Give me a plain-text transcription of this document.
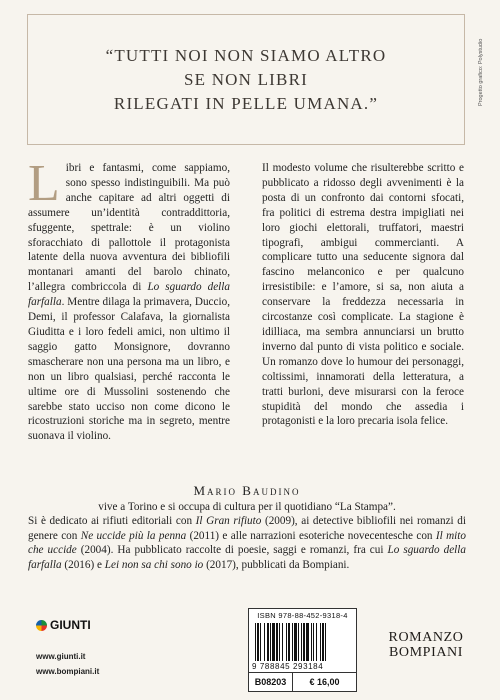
“TUTTI NOI NON SIAMO ALTRO
SE NON LIBRI
RILEGATI IN PELLE UMANA.”	Progetto grafico: Polystudio
Libri e fantasmi, come sappiamo, sono spesso indistinguibili. Ma può anche capitare ad altri oggetti di assumere un’identità contraddittoria, sfuggente, spettrale: è un violino sforacchiato di pallottole il protagonista latente della nuova avventura dei bibliofili montanari amanti del barolo chinato, l’allegra combriccola di Lo sguardo della farfalla. Mentre dilaga la primavera, Duccio, Demi, il professor Calafava, la giornalista Giuditta e i loro fedeli amici, non ultimo il saggio gatto Monsignore, dovranno smascherare non una persona ma un libro, e non un libro qualsiasi, perché racconta le ultime ore di Mussolini sostenendo che sarebbe stato ucciso non come dicono le ricostruzioni storiche ma in segreto, mentre suonava il violino.
Il modesto volume che risulterebbe scritto e pubblicato a ridosso degli avvenimenti è la posta di un confronto dai contorni sfocati, fra politici di estrema destra impigliati nei loro giochi elettorali, truffatori, maestri tipografi, ambigui commercianti. A complicare tutto una seducente signora dal fascino melanconico e per qualcuno irresistibile: e l’amore, si sa, non aiuta a conservare la freddezza necessaria in circostanze così complicate. La stagione è idilliaca, ma sembra annunciarsi un brutto inverno dal punto di vista politico e sociale. Un romanzo dove lo humour dei personaggi, coltissimi, innamorati della letteratura, a tratti burloni, deve misurarsi con la feroce stupidità del mondo che assedia i protagonisti e la loro precaria isola felice.
Mario Baudino
vive a Torino e si occupa di cultura per il quotidiano “La Stampa”.
Si è dedicato ai rifiuti editoriali con Il Gran rifiuto (2009), ai detective bibliofili nei romanzi di genere con Ne uccide più la penna (2011) e alle narrazioni esoteriche novecentesche con Il mito che uccide (2004). Ha pubblicato raccolte di poesie, saggi e romanzi, fra cui Lo sguardo della farfalla (2016) e Lei non sa chi sono io (2017), pubblicati da Bompiani.
GIUNTI
www.giunti.it
www.bompiani.it
ISBN 978-88-452-9318-4
9 788845 293184
B08203	€ 16,00
ROMANZO
BOMPIANI
